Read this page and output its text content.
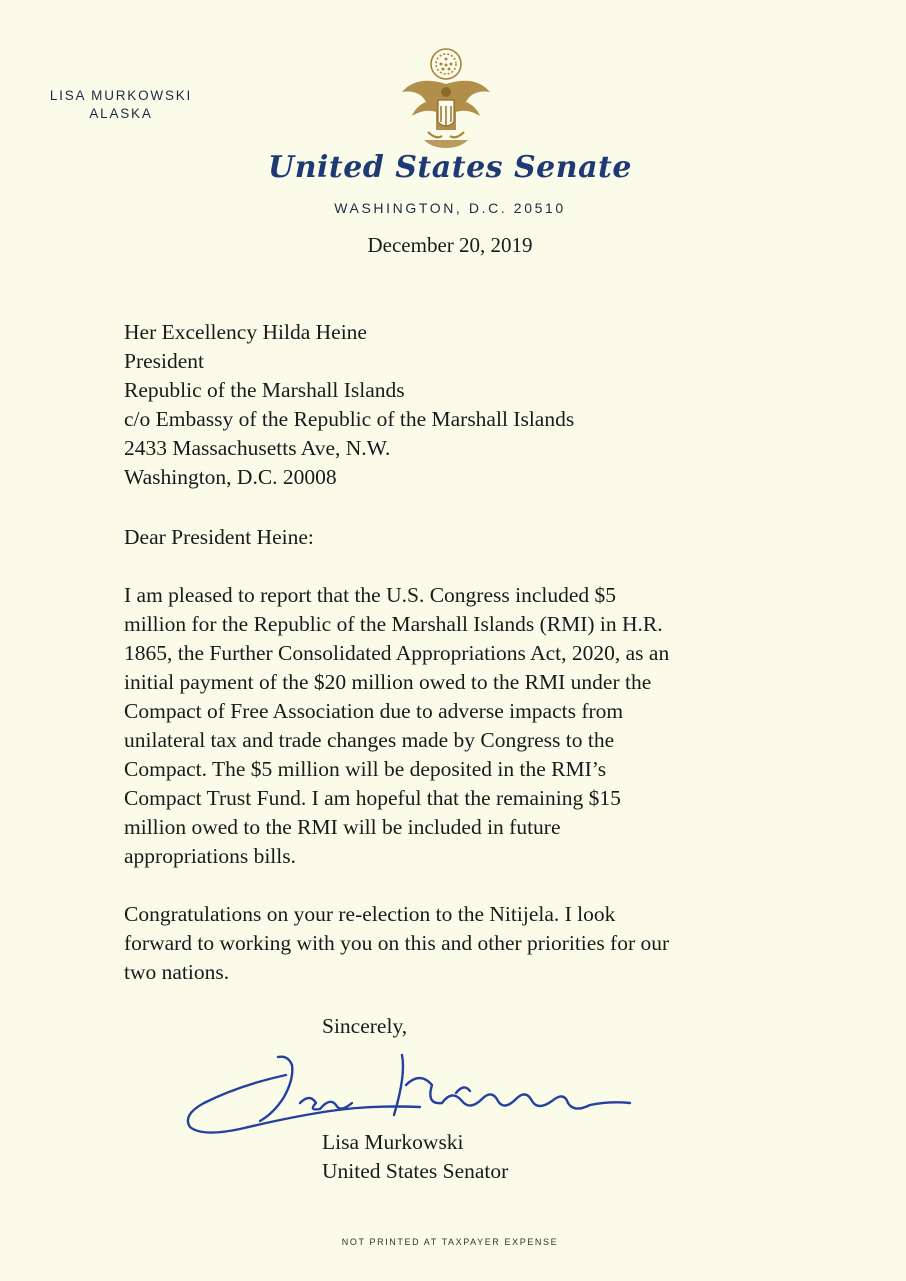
LISA MURKOWSKI
ALASKA
United States Senate
WASHINGTON, D.C. 20510
December 20, 2019
Her Excellency Hilda Heine
President
Republic of the Marshall Islands
c/o Embassy of the Republic of the Marshall Islands
2433 Massachusetts Ave, N.W.
Washington, D.C. 20008
Dear President Heine:
I am pleased to report that the U.S. Congress included $5
million for the Republic of the Marshall Islands (RMI) in H.R.
1865, the Further Consolidated Appropriations Act, 2020, as an
initial payment of the $20 million owed to the RMI under the
Compact of Free Association due to adverse impacts from
unilateral tax and trade changes made by Congress to the
Compact. The $5 million will be deposited in the RMI’s
Compact Trust Fund. I am hopeful that the remaining $15
million owed to the RMI will be included in future
appropriations bills.
Congratulations on your re-election to the Nitijela. I look
forward to working with you on this and other priorities for our
two nations.
Sincerely,
Lisa Murkowski
United States Senator
NOT PRINTED AT TAXPAYER EXPENSE
